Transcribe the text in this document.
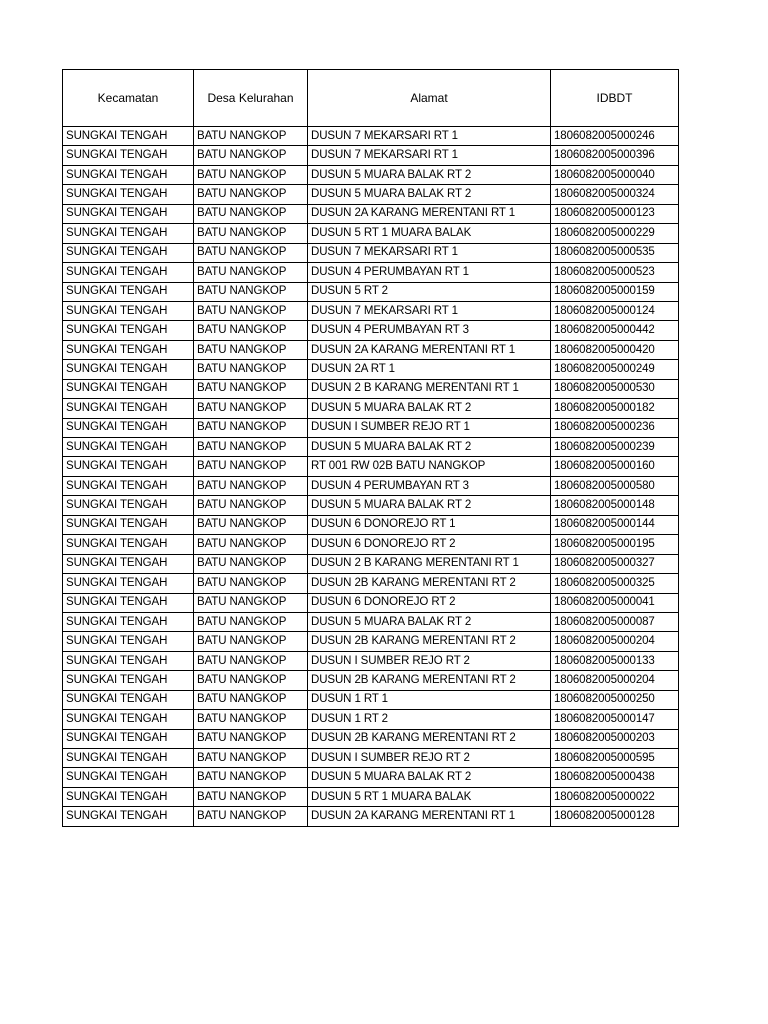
Kecamatan	Desa Kelurahan	Alamat	IDBDT
SUNGKAI TENGAH	BATU NANGKOP	DUSUN 7 MEKARSARI RT 1	1806082005000246
SUNGKAI TENGAH	BATU NANGKOP	DUSUN 7 MEKARSARI RT 1	1806082005000396
SUNGKAI TENGAH	BATU NANGKOP	DUSUN 5 MUARA BALAK RT 2	1806082005000040
SUNGKAI TENGAH	BATU NANGKOP	DUSUN 5 MUARA BALAK RT 2	1806082005000324
SUNGKAI TENGAH	BATU NANGKOP	DUSUN 2A KARANG MERENTANI RT 1	1806082005000123
SUNGKAI TENGAH	BATU NANGKOP	DUSUN 5 RT 1 MUARA BALAK	1806082005000229
SUNGKAI TENGAH	BATU NANGKOP	DUSUN 7 MEKARSARI RT 1	1806082005000535
SUNGKAI TENGAH	BATU NANGKOP	DUSUN 4 PERUMBAYAN RT 1	1806082005000523
SUNGKAI TENGAH	BATU NANGKOP	DUSUN 5 RT 2	1806082005000159
SUNGKAI TENGAH	BATU NANGKOP	DUSUN 7 MEKARSARI RT 1	1806082005000124
SUNGKAI TENGAH	BATU NANGKOP	DUSUN 4 PERUMBAYAN RT 3	1806082005000442
SUNGKAI TENGAH	BATU NANGKOP	DUSUN 2A KARANG MERENTANI RT 1	1806082005000420
SUNGKAI TENGAH	BATU NANGKOP	DUSUN 2A RT 1	1806082005000249
SUNGKAI TENGAH	BATU NANGKOP	DUSUN 2 B KARANG MERENTANI RT 1	1806082005000530
SUNGKAI TENGAH	BATU NANGKOP	DUSUN 5 MUARA BALAK RT 2	1806082005000182
SUNGKAI TENGAH	BATU NANGKOP	DUSUN I SUMBER REJO RT 1	1806082005000236
SUNGKAI TENGAH	BATU NANGKOP	DUSUN 5 MUARA BALAK RT 2	1806082005000239
SUNGKAI TENGAH	BATU NANGKOP	RT 001 RW 02B BATU NANGKOP	1806082005000160
SUNGKAI TENGAH	BATU NANGKOP	DUSUN 4 PERUMBAYAN RT 3	1806082005000580
SUNGKAI TENGAH	BATU NANGKOP	DUSUN 5 MUARA BALAK RT 2	1806082005000148
SUNGKAI TENGAH	BATU NANGKOP	DUSUN 6 DONOREJO RT 1	1806082005000144
SUNGKAI TENGAH	BATU NANGKOP	DUSUN 6 DONOREJO RT 2	1806082005000195
SUNGKAI TENGAH	BATU NANGKOP	DUSUN 2 B KARANG MERENTANI RT 1	1806082005000327
SUNGKAI TENGAH	BATU NANGKOP	DUSUN 2B KARANG MERENTANI RT 2	1806082005000325
SUNGKAI TENGAH	BATU NANGKOP	DUSUN 6 DONOREJO RT 2	1806082005000041
SUNGKAI TENGAH	BATU NANGKOP	DUSUN 5 MUARA BALAK RT 2	1806082005000087
SUNGKAI TENGAH	BATU NANGKOP	DUSUN 2B KARANG MERENTANI RT 2	1806082005000204
SUNGKAI TENGAH	BATU NANGKOP	DUSUN I SUMBER REJO RT 2	1806082005000133
SUNGKAI TENGAH	BATU NANGKOP	DUSUN 2B KARANG MERENTANI RT 2	1806082005000204
SUNGKAI TENGAH	BATU NANGKOP	DUSUN 1 RT 1	1806082005000250
SUNGKAI TENGAH	BATU NANGKOP	DUSUN 1 RT 2	1806082005000147
SUNGKAI TENGAH	BATU NANGKOP	DUSUN 2B KARANG MERENTANI RT 2	1806082005000203
SUNGKAI TENGAH	BATU NANGKOP	DUSUN I SUMBER REJO RT 2	1806082005000595
SUNGKAI TENGAH	BATU NANGKOP	DUSUN 5 MUARA BALAK RT 2	1806082005000438
SUNGKAI TENGAH	BATU NANGKOP	DUSUN 5 RT 1 MUARA BALAK	1806082005000022
SUNGKAI TENGAH	BATU NANGKOP	DUSUN 2A KARANG MERENTANI RT 1	1806082005000128
